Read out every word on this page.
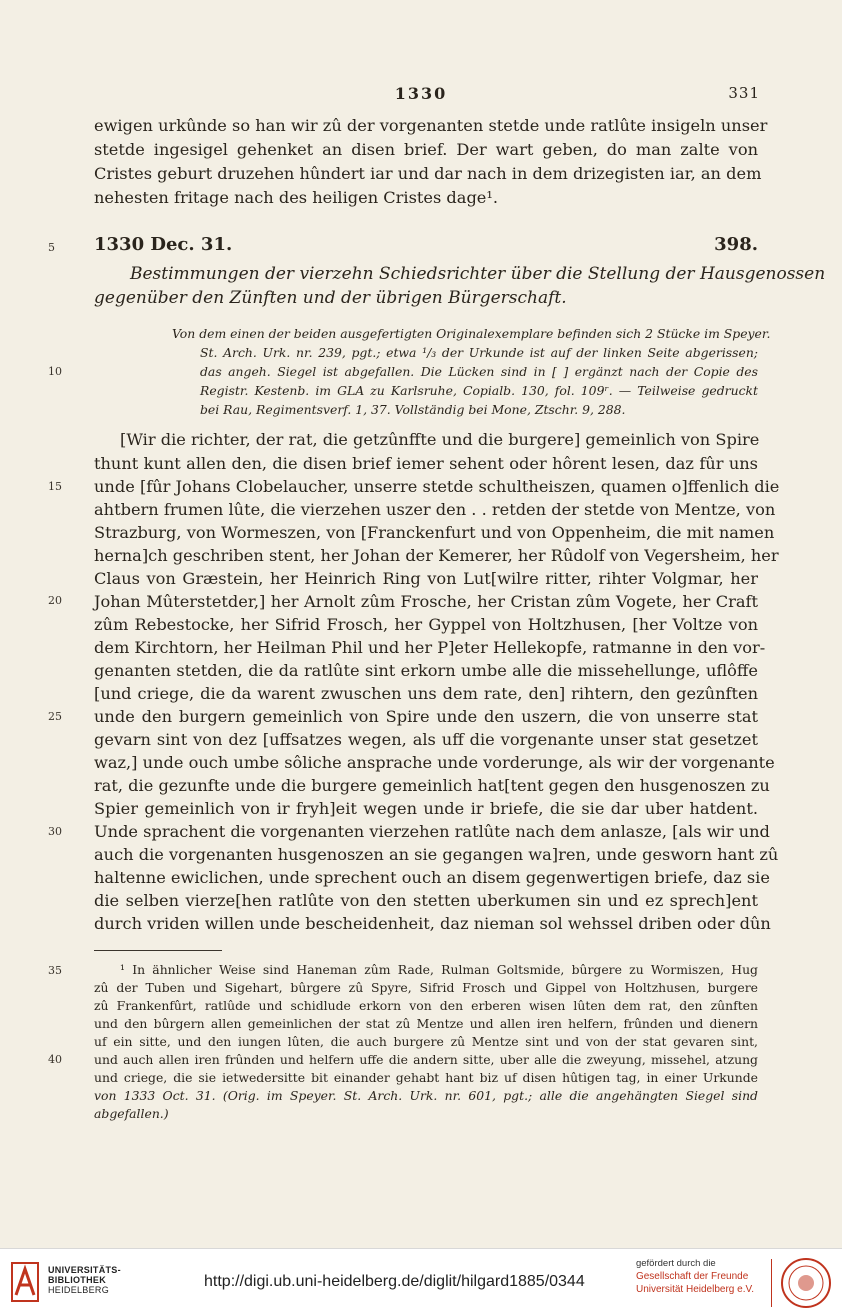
1330	331
ewigen urkûnde so han wir zû der vorgenanten stetde unde ratlûte insigeln unser
stetde ingesigel gehenket an disen brief. Der wart geben, do man zalte von
Cristes geburt druzehen hûndert iar und dar nach in dem drizegisten iar, an dem
nehesten fritage nach des heiligen Cristes dage¹.
5 1330 Dec. 31.	398.
Bestimmungen der vierzehn Schiedsrichter über die Stellung der Hausgenossen
gegenüber den Zünften und der übrigen Bürgerschaft.
Von dem einen der beiden ausgefertigten Originalexemplare befinden sich 2 Stücke im Speyer.
St. Arch. Urk. nr. 239, pgt.; etwa ¹/₃ der Urkunde ist auf der linken Seite abgerissen;
10	das angeh. Siegel ist abgefallen. Die Lücken sind in [ ] ergänzt nach der Copie des
Registr. Kestenb. im GLA zu Karlsruhe, Copialb. 130, fol. 109ʳ. — Teilweise gedruckt
bei Rau, Regimentsverf. 1, 37. Vollständig bei Mone, Ztschr. 9, 288.
[Wir die richter, der rat, die getzûnffte und die burgere] gemeinlich von Spire
thunt kunt allen den, die disen brief iemer sehent oder hôrent lesen, daz fûr uns
15 unde [fûr Johans Clobelaucher, unserre stetde schultheiszen, quamen o]ffenlich die
ahtbern frumen lûte, die vierzehen uszer den . . retden der stetde von Mentze, von
Strazburg, von Wormeszen, von [Franckenfurt und von Oppenheim, die mit namen
herna]ch geschriben stent, her Johan der Kemerer, her Rûdolf von Vegersheim, her
Claus von Græstein, her Heinrich Ring von Lut[wilre ritter, rihter Volgmar, her
20 Johan Mûterstetder,] her Arnolt zûm Frosche, her Cristan zûm Vogete, her Craft
zûm Rebestocke, her Sifrid Frosch, her Gyppel von Holtzhusen, [her Voltze von
dem Kirchtorn, her Heilman Phil und her P]eter Hellekopfe, ratmanne in den vor-
genanten stetden, die da ratlûte sint erkorn umbe alle die missehellunge, uflôffe
[und criege, die da warent zwuschen uns dem rate, den] rihtern, den gezûnften
25 unde den burgern gemeinlich von Spire unde den uszern, die von unserre stat
gevarn sint von dez [uffsatzes wegen, als uff die vorgenante unser stat gesetzet
waz,] unde ouch umbe sôliche ansprache unde vorderunge, als wir der vorgenante
rat, die gezunfte unde die burgere gemeinlich hat[tent gegen den husgenoszen zu
Spier gemeinlich von ir fryh]eit wegen unde ir briefe, die sie dar uber hatdent.
30 Unde sprachent die vorgenanten vierzehen ratlûte nach dem anlasze, [als wir und
auch die vorgenanten husgenoszen an sie gegangen wa]ren, unde gesworn hant zû
haltenne ewiclichen, unde sprechent ouch an disem gegenwertigen briefe, daz sie
die selben vierze[hen ratlûte von den stetten uberkumen sin und ez sprech]ent
durch vriden willen unde bescheidenheit, daz nieman sol wehssel driben oder dûn
35	¹ In ähnlicher Weise sind Haneman zûm Rade, Rulman Goltsmide, bûrgere zu Wormiszen, Hug
zû der Tuben und Sigehart, bûrgere zû Spyre, Sifrid Frosch und Gippel von Holtzhusen, burgere
zû Frankenfûrt, ratlûde und schidlude erkorn von den erberen wisen lûten dem rat, den zûnften
und den bûrgern allen gemeinlichen der stat zû Mentze und allen iren helfern, frûnden und dienern
uf ein sitte, und den iungen lûten, die auch burgere zû Mentze sint und von der stat gevaren sint,
40	und auch allen iren frûnden und helfern uffe die andern sitte, uber alle die zweyung, missehel, atzung
und criege, die sie ietwedersitte bit einander gehabt hant biz uf disen hûtigen tag, in einer Urkunde
von 1333 Oct. 31. (Orig. im Speyer. St. Arch. Urk. nr. 601, pgt.; alle die angehängten Siegel sind
abgefallen.)
UNIVERSITÄTS-
BIBLIOTHEK
HEIDELBERG	http://digi.ub.uni-heidelberg.de/diglit/hilgard1885/0344
gefördert durch die
Gesellschaft der Freunde
Universität Heidelberg e.V.
